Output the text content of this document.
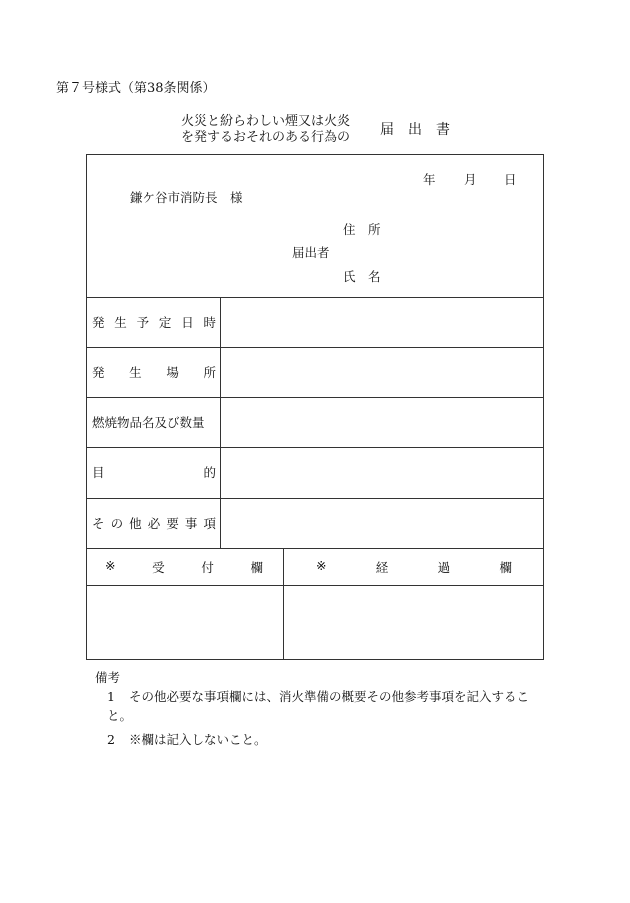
第７号様式（第38条関係）
火災と紛らわしい煙又は火炎
を発するおそれのある行為の 届　出　書
年 月 日
鎌ケ谷市消防長　様
住　所
届出者
氏　名
発 生 予 定 日 時
発 生 場 所
燃焼物品名及び数量
目	的
そ の 他 必 要 事 項
※	受	付	欄	※	経	過	欄
備考
1 その他必要な事項欄には、消火準備の概要その他参考事項を記入すること。
2 ※欄は記入しないこと。
